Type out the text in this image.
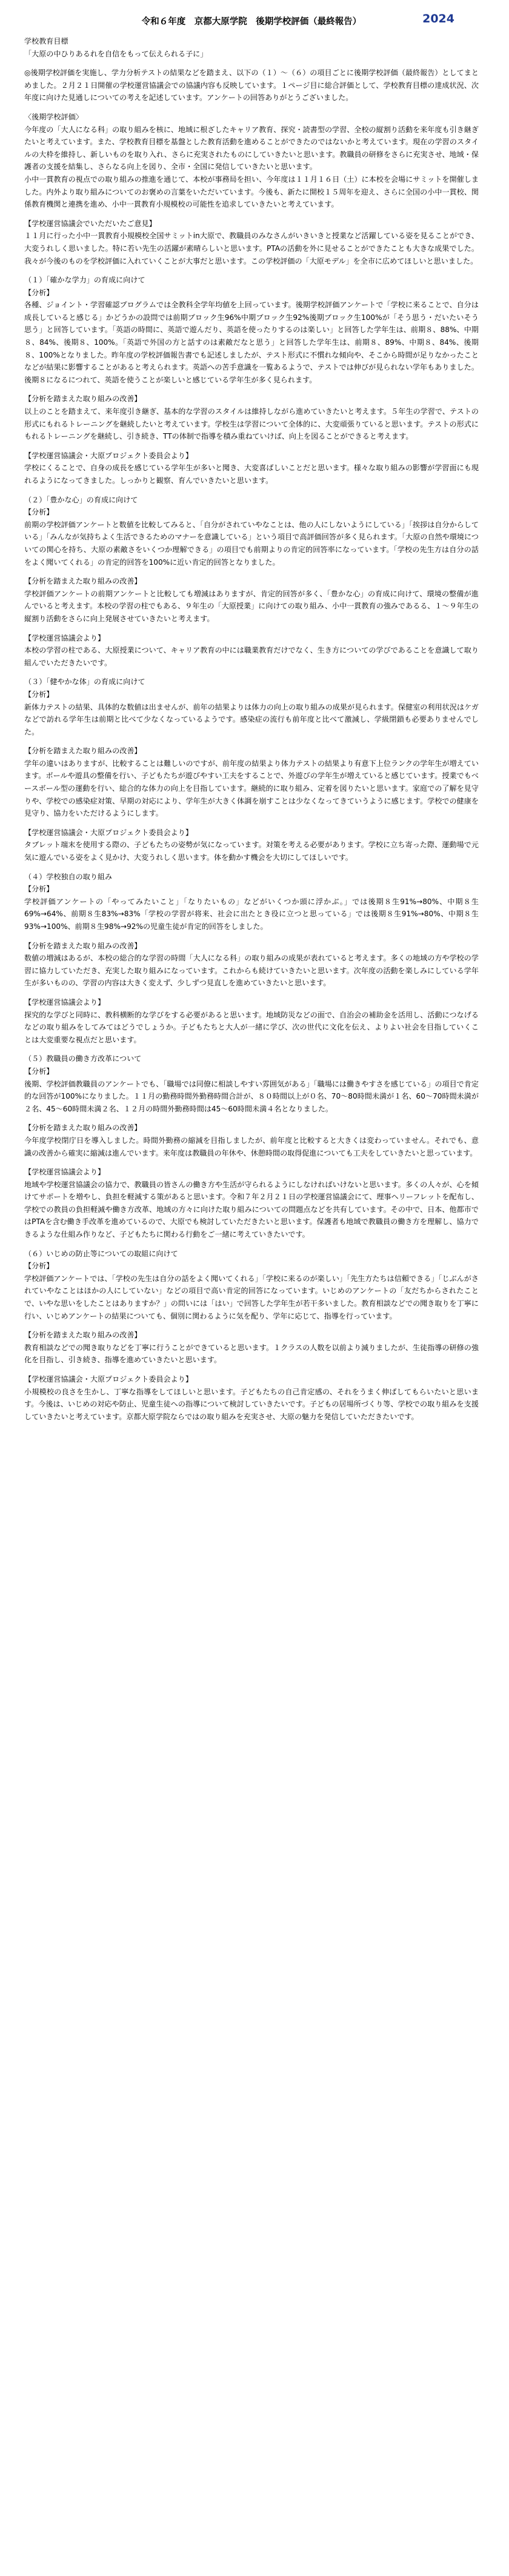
令和６年度　京都大原学院　後期学校評価（最終報告）	2024

学校教育目標

「大原の中ひりあるれを自信をもって伝えられる子に」

◎後期学校評価を実施し、学力分析テストの結果などを踏まえ、以下の（１）～（６）の項目ごとに後期学校評価（最終報告）としてまとめました。２月２１日開催の学校運営協議会での協議内容も反映しています。１ページ目に総合評価として、学校教育目標の達成状況、次年度に向けた見通しについての考えを記述しています。アンケートの回答ありがとうございました。

〈後期学校評価〉

今年度の「大人になる科」の取り組みを核に、地域に根ざしたキャリア教育、探究・読書型の学習、全校の縦割り活動を来年度も引き継ぎたいと考えています。また、学校教育目標を基盤とした教育活動を進めることができたのではないかと考えています。現在の学習のスタイルの大枠を維持し、新しいものを取り入れ、さらに充実されたものにしていきたいと思います。教職員の研修をさらに充実させ、地域・保護者の支援を結集し、さらなる向上を図り、全市・全国に発信していきたいと思います。
小中一貫教育の視点での取り組みの推進を通じて、本校が事務局を担い、今年度は１１月１６日（土）に本校を会場にサミットを開催しました。内外より取り組みについてのお褒めの言葉をいただいています。今後も、新たに開校１５周年を迎え、さらに全国の小中一貫校、関係教育機関と連携を進め、小中一貫教育小規模校の可能性を追求していきたいと考えています。

【学校運営協議会でいただいたご意見】

１１月に行った小中一貫教育小規模校全国サミットin大原で、教職員のみなさんがいきいきと授業など活躍している姿を見ることができ、大変うれしく思いました。特に若い先生の活躍が素晴らしいと思います。PTAの活動を外に見せることができたことも大きな成果でした。我々が今後のものを学校評価に入れていくことが大事だと思います。この学校評価の「大原モデル」を全市に広めてほしいと思いました。

（１）「確かな学力」の育成に向けて

【分析】

各種、ジョイント・学習確認プログラムでは全教科全学年均値を上回っています。後期学校評価アンケートで「学校に来ることで、自分は成長していると感じる」かどうかの設問では前期ブロック生96%中期ブロック生92%後期ブロック生100%が「そう思う・だいたいそう思う」と回答しています。「英語の時間に、英語で遊んだり、英語を使ったりするのは楽しい」と回答した学年生は、前期８、88%、中期８、84%、後期８、100%。「英語で外国の方と話すのは素敵だなと思う」と回答した学年生は、前期８、89%、中期８、84%、後期８、100%となりました。昨年度の学校評価報告書でも記述しましたが、テスト形式に不慣れな傾向や、そこから時間が足りなかったことなどが結果に影響することがあると考えられます。英語への苦手意識を一覧あるようで、テストでは伸びが見られない学年もありました。後期８になるにつれて、英語を使うことが楽しいと感じている学年生が多く見られます。

【分析を踏まえた取り組みの改善】

以上のことを踏まえて、来年度引き継ぎ、基本的な学習のスタイルは維持しながら進めていきたいと考えます。５年生の学習で、テストの形式にもれるトレーニングを継続したいと考えています。学校生は学習について全体的に、大変頑張りていると思います。テストの形式にもれるトレーニングを継続し、引き続き、TTの体制で指導を積み重ねていけば、向上を図ることができると考えます。

【学校運営協議会・大原プロジェクト委員会より】

学校にくることで、自身の成長を感じている学年生が多いと聞き、大変喜ばしいことだと思います。様々な取り組みの影響が学習面にも現れるようになってきました。しっかりと観察、育んでいきたいと思います。

（２）「豊かな心」の育成に向けて

【分析】

前期の学校評価アンケートと数値を比較してみると、「自分がされていやなことは、他の人にしないようにしている」「挨拶は自分からしている」「みんなが気持ちよく生活できるためのマナーを意識している」という項目で高評価回答が多く見られます。「大原の自然や環境についての関心を持ち、大原の素敵さをいくつか理解できる」の項目でも前期よりの肯定的回答率になっています。「学校の先生方は自分の話をよく聞いてくれる」の肯定的回答を100%に近い肯定的回答となりました。

【分析を踏まえた取り組みの改善】

学校評価アンケートの前期アンケートと比較しても増減はありますが、肯定的回答が多く、「豊かな心」の育成に向けて、環境の整備が進んでいると考えます。本校の学習の柱でもある、９年生の「大原授業」に向けての取り組み、小中一貫教育の強みであるる、１～９年生の縦割り活動をさらに向上発展させていきたいと考えます。

【学校運営協議会より】

本校の学習の柱である、大原授業について、キャリア教育の中には職業教育だけでなく、生き方についての学びであることを意識して取り組んでいただきたいです。

（３）「健やかな体」の育成に向けて

【分析】

新体力テストの結果、具体的な数値は出ませんが、前年の結果よりは体力の向上の取り組みの成果が見られます。保健室の利用状況はケガなどで訪れる学年生は前期と比べて少なくなっているようです。感染症の流行も前年度と比べて激減し、学級閉鎖も必要ありませんでした。

【分析を踏まえた取り組みの改善】

学年の違いはありますが、比較することは難しいのですが、前年度の結果より体力テストの結果より有意下上位ランクの学年生が増えています。ボールや遊具の整備を行い、子どもたちが遊びやすい工夫をすることで、外遊びの学年生が増えていると感じています。授業でもベースボール型の運動を行い、総合的な体力の向上を目指しています。継続的に取り組み、定着を図りたいと思います。家庭での了解を見守りや、学校での感染症対策、早期の対応により、学年生が大きく体調を崩すことは少なくなってきていうように感じます。学校での健康を見守り、協力をいただけるようにします。

【学校運営協議会・大原プロジェクト委員会より】

タブレット端末を使用する際の、子どもたちの姿勢が気になっています。対策を考える必要があります。学校に立ち寄った際、運動場で元気に遊んでいる姿をよく見かけ、大変うれしく思います。体を動かす機会を大切にしてほしいです。

（４）学校独自の取り組み

【分析】

学校評価アンケートの「やってみたいこと」「なりたいもの」などがいくつか頭に浮かぶ。」では後期８生91%→80%、中期８生69%→64%、前期８生83%→83%「学校の学習が将来、社会に出たとき役に立つと思っている」では後期８生91%→80%、中期８生93%→100%、前期８生98%→92%の児童生徒が肯定的回答をしました。

【分析を踏まえた取り組みの改善】

数値の増減はあるが、本校の総合的な学習の時間「大人になる科」の取り組みの成果が表れていると考えます。多くの地域の方や学校の学習に協力していただき、充実した取り組みになっています。これからも続けていきたいと思います。次年度の活動を楽しみにしている学年生が多いものの、学習の内容は大きく変えず、少しずつ見直しを進めていきたいと思います。

【学校運営協議会より】

探究的な学びと同時に、教科横断的な学びをする必要があると思います。地域防災などの面で、自治会の補助金を活用し、活動につなげるなどの取り組みをしてみてはどうでしょうか。子どもたちと大人が一緒に学び、次の世代に文化を伝え、よりよい社会を目指していくことは大変重要な視点だと思います。

（５）教職員の働き方改革について

【分析】

後期、学校評価教職員のアンケートでも、「職場では同僚に相談しやすい雰囲気がある」「職場には働きやすさを感じている」の項目で肯定的な回答が100%になりました。１１月の勤務時間外勤務時間合計が、８０時間以上が０名、70～80時間未満が１名、60～70時間未満が２名、45～60時間未満２名、１２月の時間外勤務時間は45～60時間未満４名となりました。

【分析を踏まえた取り組みの改善】

今年度学校閉庁日を導入しました。時間外勤務の縮減を目指しましたが、前年度と比較すると大きくは変わっていません。それでも、意識の改善から確実に縮減は進んでいます。来年度は教職員の年休や、休憩時間の取得促進についても工夫をしていきたいと思っています。

【学校運営協議会より】

地域や学校運営協議会の協力で、教職員の皆さんの働き方や生活が守られるようにしなければいけないと思います。多くの人々が、心を傾けてサポートを増やし、負担を軽減する策があると思います。令和７年２月２１日の学校運営協議会にて、理事ヘリーフレットを配布し、学校での教員の負担軽減や働き方改革、地域の方々に向けた取り組みについての問題点などを共有しています。その中で、日本、他都市ではPTAを含む働き手改革を進めているので、大原でも検討していただきたいと思います。保護者も地域で教職員の働き方を理解し、協力できるような仕組み作りなど、子どもたちに関わる行動をご一緒に考えていきたいです。

（６）いじめの防止等についての取組に向けて

【分析】

学校評価アンケートでは、「学校の先生は自分の話をよく聞いてくれる」「学校に来るのが楽しい」「先生方たちは信頼できる」「じぶんがされていやなことはほかの人にしていない」などの項目で高い肯定的回答になっています。いじめのアンケートの「友だちからされたことで、いやな思いをしたことはありますか？」の問いには「はい」で回答した学年生が若干多いました。教育相談などでの聞き取りを丁寧に行い、いじめアンケートの結果についても、個別に関わるように気を配り、学年に応じて、指導を行っています。

【分析を踏まえた取り組みの改善】

教育相談などでの聞き取りなどを丁寧に行うことができていると思います。１クラスの人数を以前より減りましたが、生徒指導の研修の強化を目指し、引き続き、指導を進めていきたいと思います。

【学校運営協議会・大原プロジェクト委員会より】

小規模校の良さを生かし、丁寧な指導をしてほしいと思います。子どもたちの自己肯定感の、それをうまく伸ばしてもらいたいと思います。今後は、いじめの対応や防止、児童生徒への指導について検討していきたいです。子どもの居場所づくり等、学校での取り組みを支援していきたいと考えています。京都大原学院ならではの取り組みを充実させ、大原の魅力を発信していただきたいです。
